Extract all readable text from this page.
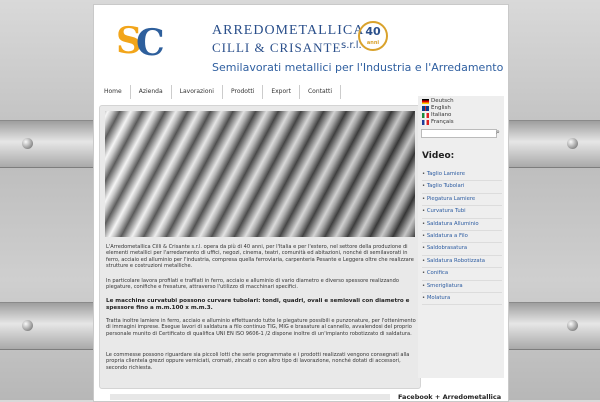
S C	ARREDOMETALLICA
CILLI & CRISANTE s.r.l.
40
anni
Semilavorati metallici per l'Industria e l'Arredamento
Home	Azienda	Lavorazioni	Prodotti	Export	Contatti

L'Arredometallica Cilli & Crisante s.r.l. opera da più di 40 anni, per l'Italia e per l'estero, nel settore della produzione di elementi metallici per l'arredamento di uffici, negozi, cinema, teatri, comunità ed abitazioni, nonché di semilavorati in ferro, acciaio ed alluminio per l'industria, compresa quella ferroviaria, carpenteria Pesante e Leggera oltre che realizzare strutture e costruzioni metalliche.

In particolare lavora profilati e trafilati in ferro, acciaio e alluminio di vario diametro e diverso spessore realizzando piegature, conifiche e fresature, attraverso l'utilizzo di macchinari specifici.

Le macchine curvatubi possono curvare tubolari: tondi, quadri, ovali e semiovali con diametro e spessore fino a m.m.100 x m.m.3.

Tratta inoltre lamiere in ferro, acciaio e alluminio effettuando tutte le piegature possibili e punzonature, per l'ottenimento di immagini imprese. Esegue lavori di saldatura a filo continuo TIG, MIG e brasature al cannello, avvalendosi del proprio personale munito di Certificato di qualifica UNI EN ISO 9606-1 /2 dispone inoltre di un'impianto robotizzato di saldatura.

Le commesse possono riguardare sia piccoli lotti che serie programmate e i prodotti realizzati vengono consegnati alla propria clientela grezzi oppure verniciati, cromati, zincati o con altro tipo di lavorazione, nonché dotati di accessori, secondo richiesta.

Deutsch
English
Italiano
Français
⌕
Video:
• Taglio Lamiere
• Taglio Tubolari
• Piegatura Lamiere
• Curvatura Tubi
• Saldatura Alluminio
• Saldatura a Filo
• Saldobrasatura
• Saldatura Robotizzata
• Conifica
• Smerigliatura
• Molatura
Facebook + Arredometallica
